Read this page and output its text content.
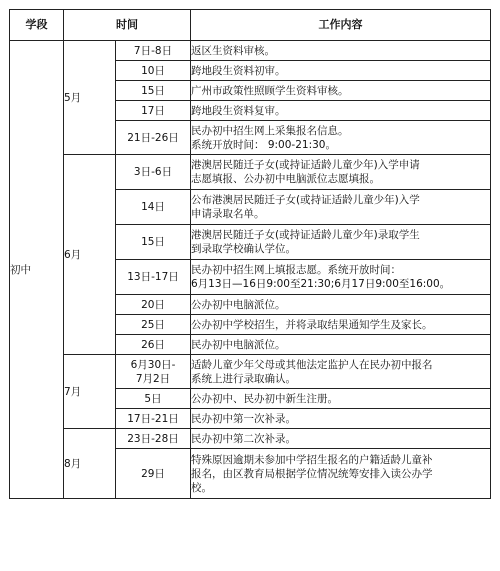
学段	时间		工作内容
初中	5月	7日-8日	返区生资料审核。

		10日	跨地段生资料初审。

		15日	广州市政策性照顾学生资料审核。

		17日	跨地段生资料复审。

		21日-26日	民办初中招生网上采集报名信息。
系统开放时间： 9:00-21:30。

	6月	3日-6日	港澳居民随迁子女(或持证适龄儿童少年)入学申请
志愿填报、公办初中电脑派位志愿填报。

		14日	公布港澳居民随迁子女(或持证适龄儿童少年)入学
申请录取名单。

		15日	港澳居民随迁子女(或持证适龄儿童少年)录取学生
到录取学校确认学位。

		13日-17日	民办初中招生网上填报志愿。系统开放时间：
6月13日—16日9:00至21:30;6月17日9:00至16:00。

		20日	公办初中电脑派位。

		25日	公办初中学校招生，并将录取结果通知学生及家长。

		26日	民办初中电脑派位。

	7月	6月30日-
7月2日	适龄儿童少年父母或其他法定监护人在民办初中报名
系统上进行录取确认。

		5日	公办初中、民办初中新生注册。

		17日-21日	民办初中第一次补录。

	8月	23日-28日	民办初中第二次补录。

		29日	特殊原因逾期未参加中学招生报名的户籍适龄儿童补
报名，由区教育局根据学位情况统筹安排入读公办学
校。
